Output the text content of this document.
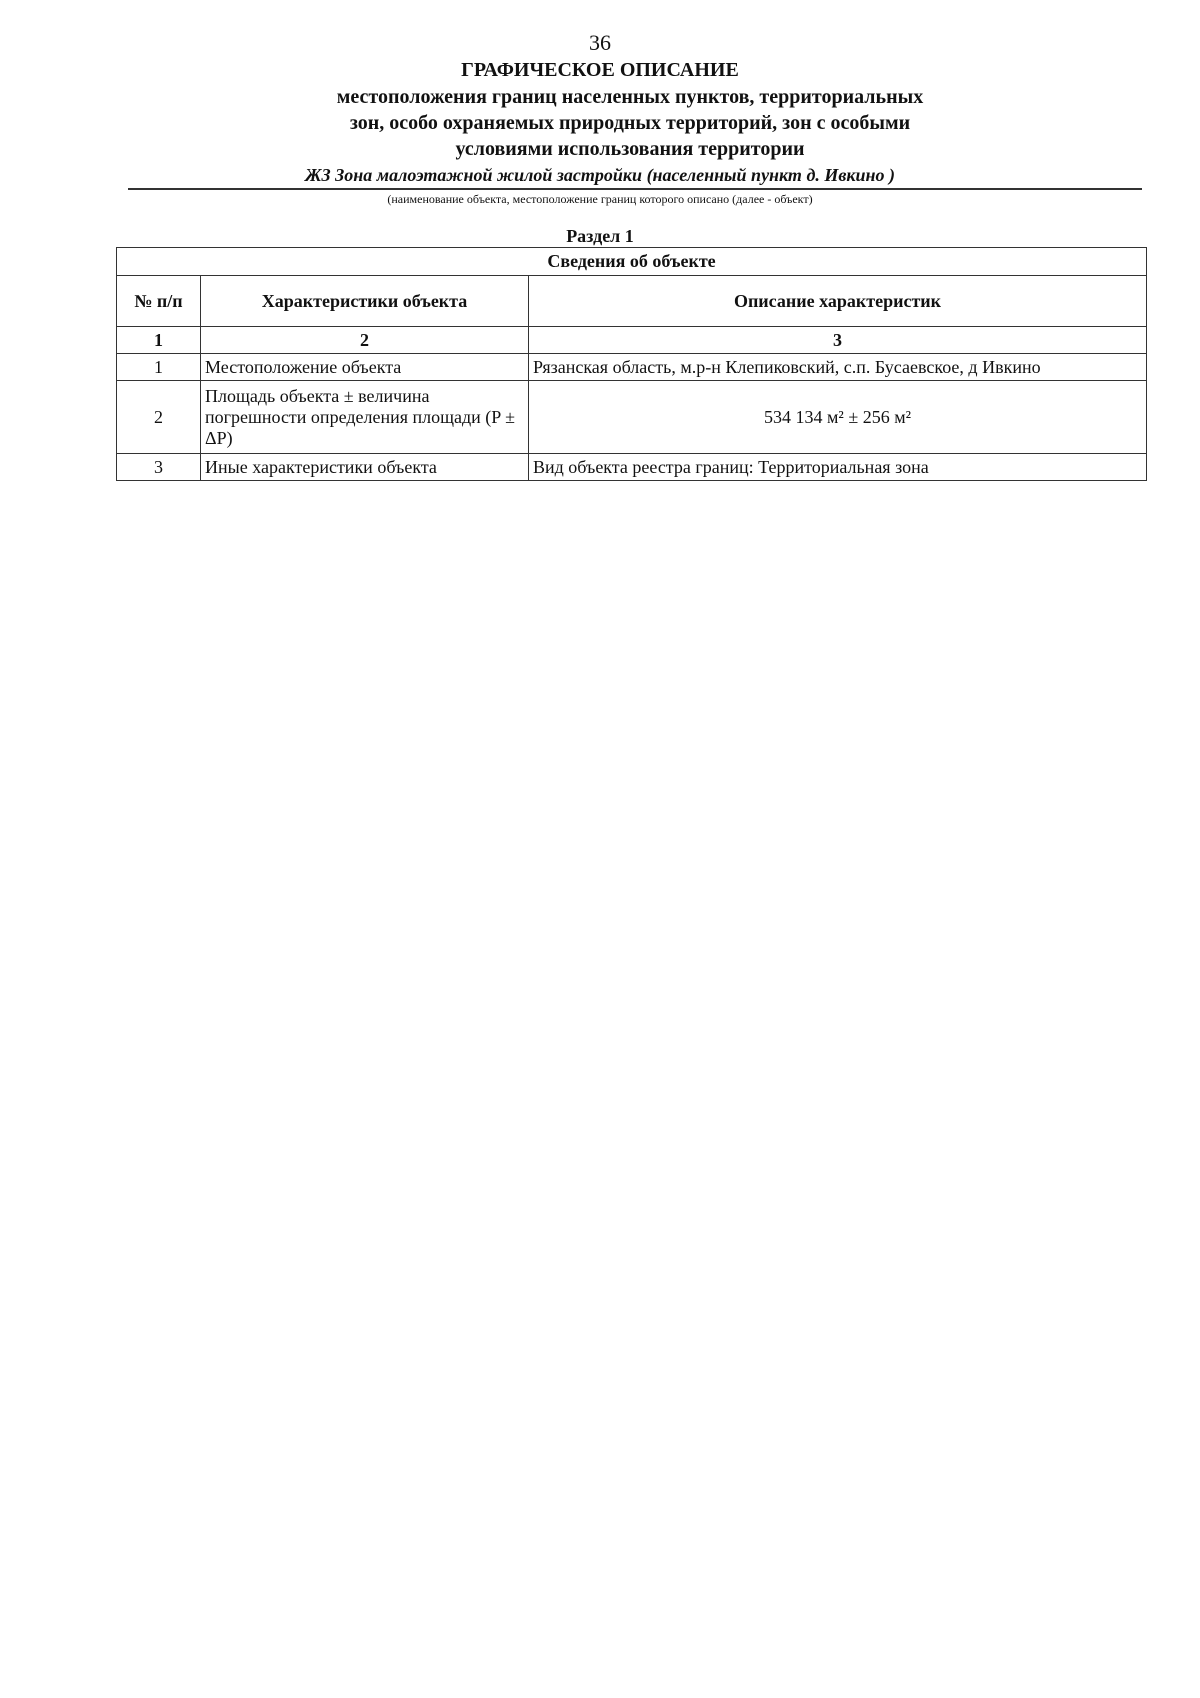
36
ГРАФИЧЕСКОЕ ОПИСАНИЕ
местоположения границ населенных пунктов, территориальных
зон, особо охраняемых природных территорий, зон с особыми
условиями использования территории
ЖЗ Зона малоэтажной жилой застройки (населенный пункт д. Ивкино )
(наименование объекта, местоположение границ которого описано (далее - объект)
Раздел 1
Сведения об объекте		
№ п/п	Характеристики объекта	Описание характеристик
1	2	3
1	Местоположение объекта	Рязанская область, м.р-н Клепиковский, с.п. Бусаевское, д Ивкино
2	Площадь объекта ± величина погрешности определения площади (P ± ΔP)	534 134 м² ± 256 м²
3	Иные характеристики объекта	Вид объекта реестра границ: Территориальная зона
